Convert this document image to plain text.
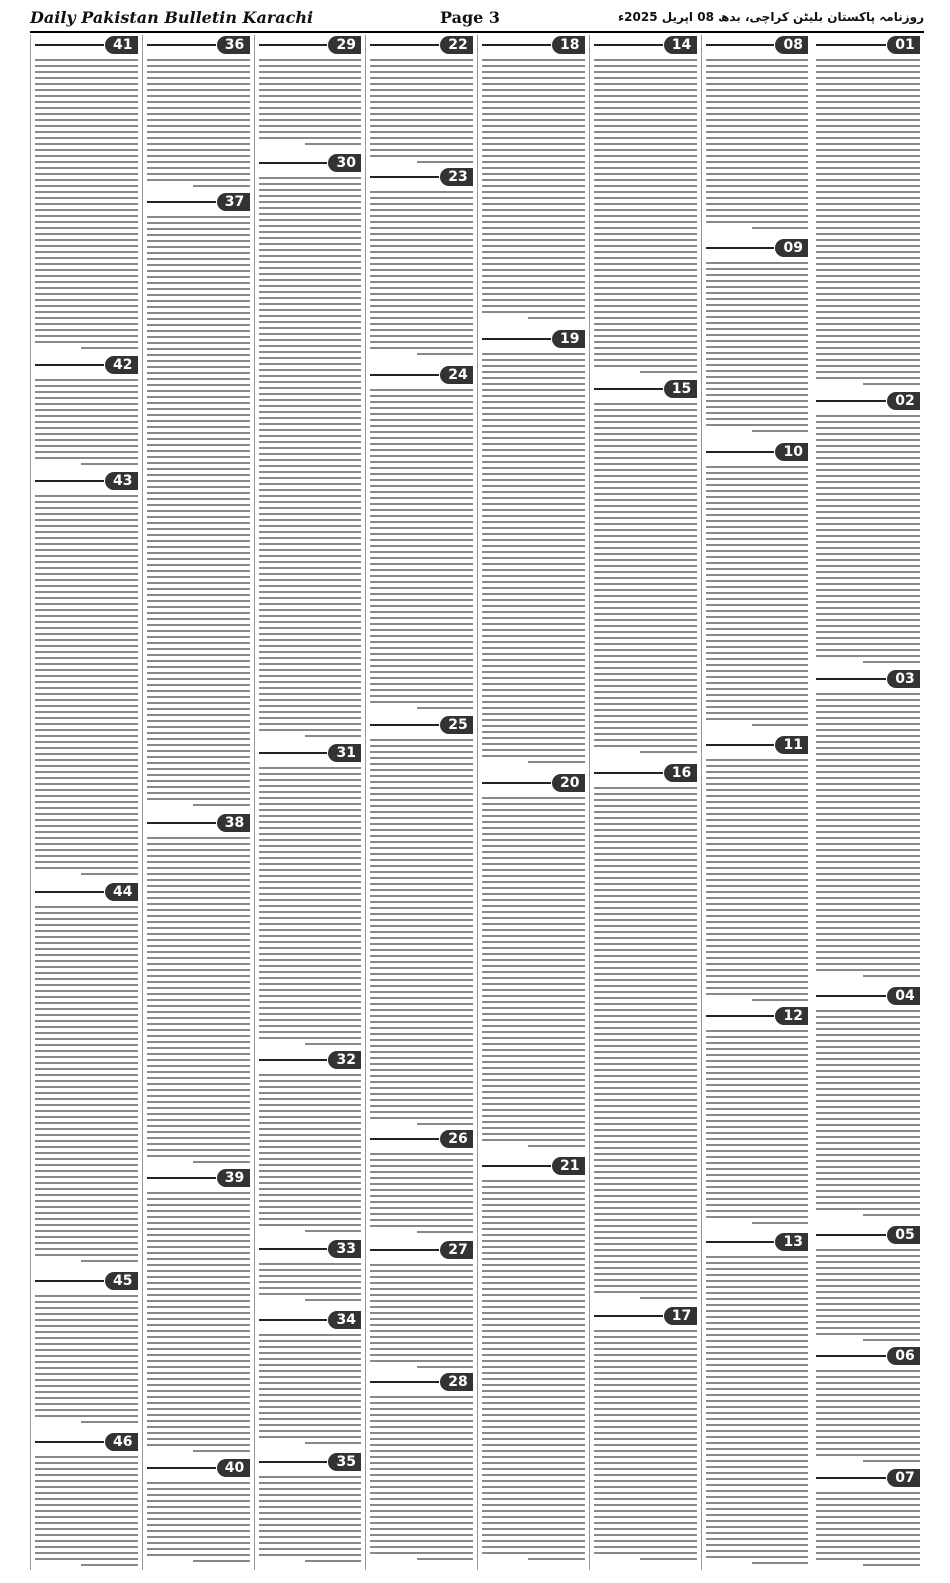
Daily Pakistan Bulletin Karachi	Page 3	روزنامہ پاکستان بلیٹن کراچی، بدھ 08 اپریل 2025ء
01
02
03
04
05
06
07
08
09
10
11
12
13
14
15
16
17
18
19
20
21
22
23
24
25
26
27
28
29
30
31
32
33
34
35
36
37
38
39
40
41
42
43
44
45
46
